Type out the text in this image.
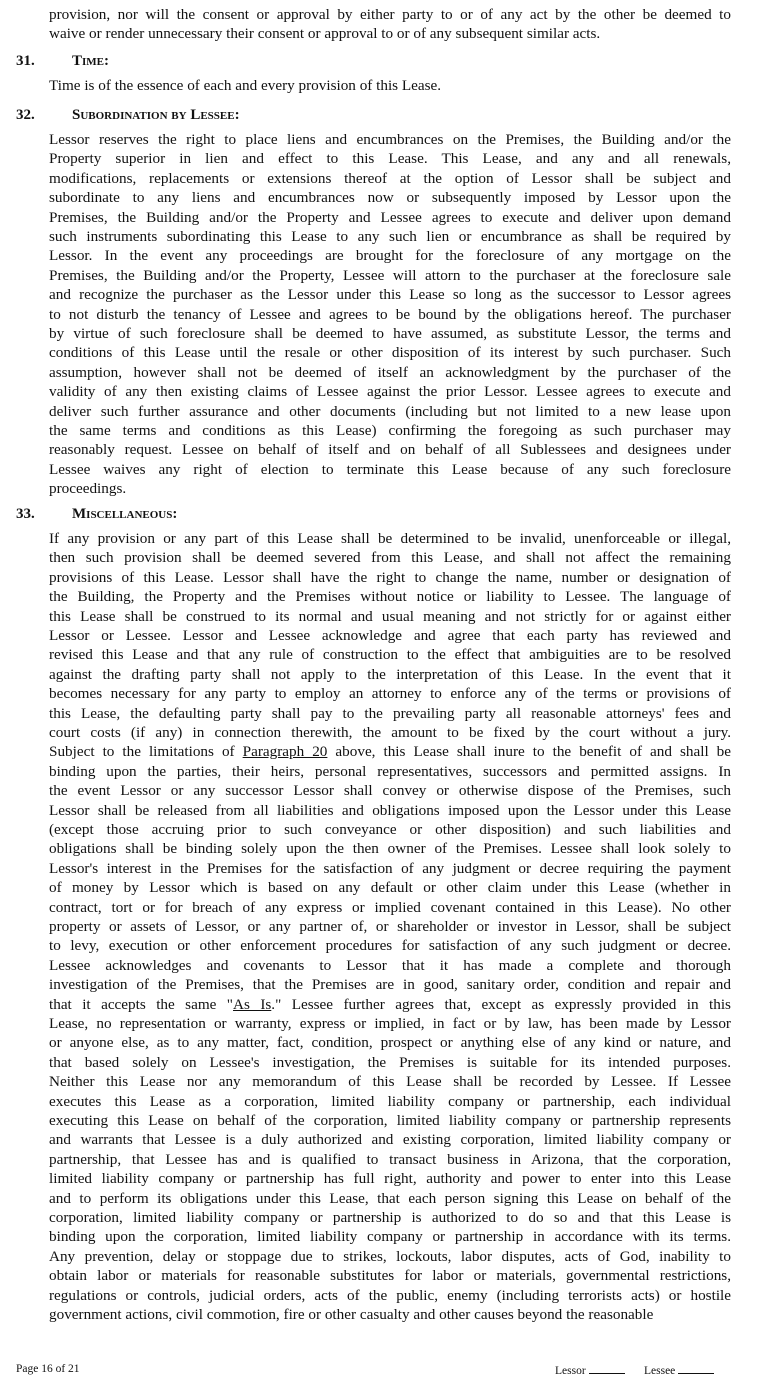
provision, nor will the consent or approval by either party to or of any act by the other be deemed to
waive or render unnecessary their consent or approval to or of any subsequent similar acts.
31. Time:
Time is of the essence of each and every provision of this Lease.
32. Subordination by Lessee:
Lessor reserves the right to place liens and encumbrances on the Premises, the Building and/or the
Property superior in lien and effect to this Lease. This Lease, and any and all renewals,
modifications, replacements or extensions thereof at the option of Lessor shall be subject and
subordinate to any liens and encumbrances now or subsequently imposed by Lessor upon the
Premises, the Building and/or the Property and Lessee agrees to execute and deliver upon demand
such instruments subordinating this Lease to any such lien or encumbrance as shall be required by
Lessor. In the event any proceedings are brought for the foreclosure of any mortgage on the
Premises, the Building and/or the Property, Lessee will attorn to the purchaser at the foreclosure sale
and recognize the purchaser as the Lessor under this Lease so long as the successor to Lessor agrees
to not disturb the tenancy of Lessee and agrees to be bound by the obligations hereof. The purchaser
by virtue of such foreclosure shall be deemed to have assumed, as substitute Lessor, the terms and
conditions of this Lease until the resale or other disposition of its interest by such purchaser. Such
assumption, however shall not be deemed of itself an acknowledgment by the purchaser of the
validity of any then existing claims of Lessee against the prior Lessor. Lessee agrees to execute and
deliver such further assurance and other documents (including but not limited to a new lease upon
the same terms and conditions as this Lease) confirming the foregoing as such purchaser may
reasonably request. Lessee on behalf of itself and on behalf of all Sublessees and designees under
Lessee waives any right of election to terminate this Lease because of any such foreclosure
proceedings.
33. Miscellaneous:
If any provision or any part of this Lease shall be determined to be invalid, unenforceable or illegal,
then such provision shall be deemed severed from this Lease, and shall not affect the remaining
provisions of this Lease. Lessor shall have the right to change the name, number or designation of
the Building, the Property and the Premises without notice or liability to Lessee. The language of
this Lease shall be construed to its normal and usual meaning and not strictly for or against either
Lessor or Lessee. Lessor and Lessee acknowledge and agree that each party has reviewed and
revised this Lease and that any rule of construction to the effect that ambiguities are to be resolved
against the drafting party shall not apply to the interpretation of this Lease. In the event that it
becomes necessary for any party to employ an attorney to enforce any of the terms or provisions of
this Lease, the defaulting party shall pay to the prevailing party all reasonable attorneys' fees and
court costs (if any) in connection therewith, the amount to be fixed by the court without a jury.
Subject to the limitations of Paragraph 20 above, this Lease shall inure to the benefit of and shall be
binding upon the parties, their heirs, personal representatives, successors and permitted assigns. In
the event Lessor or any successor Lessor shall convey or otherwise dispose of the Premises, such
Lessor shall be released from all liabilities and obligations imposed upon the Lessor under this Lease
(except those accruing prior to such conveyance or other disposition) and such liabilities and
obligations shall be binding solely upon the then owner of the Premises. Lessee shall look solely to
Lessor's interest in the Premises for the satisfaction of any judgment or decree requiring the payment
of money by Lessor which is based on any default or other claim under this Lease (whether in
contract, tort or for breach of any express or implied covenant contained in this Lease). No other
property or assets of Lessor, or any partner of, or shareholder or investor in Lessor, shall be subject
to levy, execution or other enforcement procedures for satisfaction of any such judgment or decree.
Lessee acknowledges and covenants to Lessor that it has made a complete and thorough
investigation of the Premises, that the Premises are in good, sanitary order, condition and repair and
that it accepts the same "As Is." Lessee further agrees that, except as expressly provided in this
Lease, no representation or warranty, express or implied, in fact or by law, has been made by Lessor
or anyone else, as to any matter, fact, condition, prospect or anything else of any kind or nature, and
that based solely on Lessee's investigation, the Premises is suitable for its intended purposes.
Neither this Lease nor any memorandum of this Lease shall be recorded by Lessee. If Lessee
executes this Lease as a corporation, limited liability company or partnership, each individual
executing this Lease on behalf of the corporation, limited liability company or partnership represents
and warrants that Lessee is a duly authorized and existing corporation, limited liability company or
partnership, that Lessee has and is qualified to transact business in Arizona, that the corporation,
limited liability company or partnership has full right, authority and power to enter into this Lease
and to perform its obligations under this Lease, that each person signing this Lease on behalf of the
corporation, limited liability company or partnership is authorized to do so and that this Lease is
binding upon the corporation, limited liability company or partnership in accordance with its terms.
Any prevention, delay or stoppage due to strikes, lockouts, labor disputes, acts of God, inability to
obtain labor or materials for reasonable substitutes for labor or materials, governmental restrictions,
regulations or controls, judicial orders, acts of the public, enemy (including terrorists acts) or hostile
government actions, civil commotion, fire or other casualty and other causes beyond the reasonable
Page 16 of 21	Lessor	Lessee
